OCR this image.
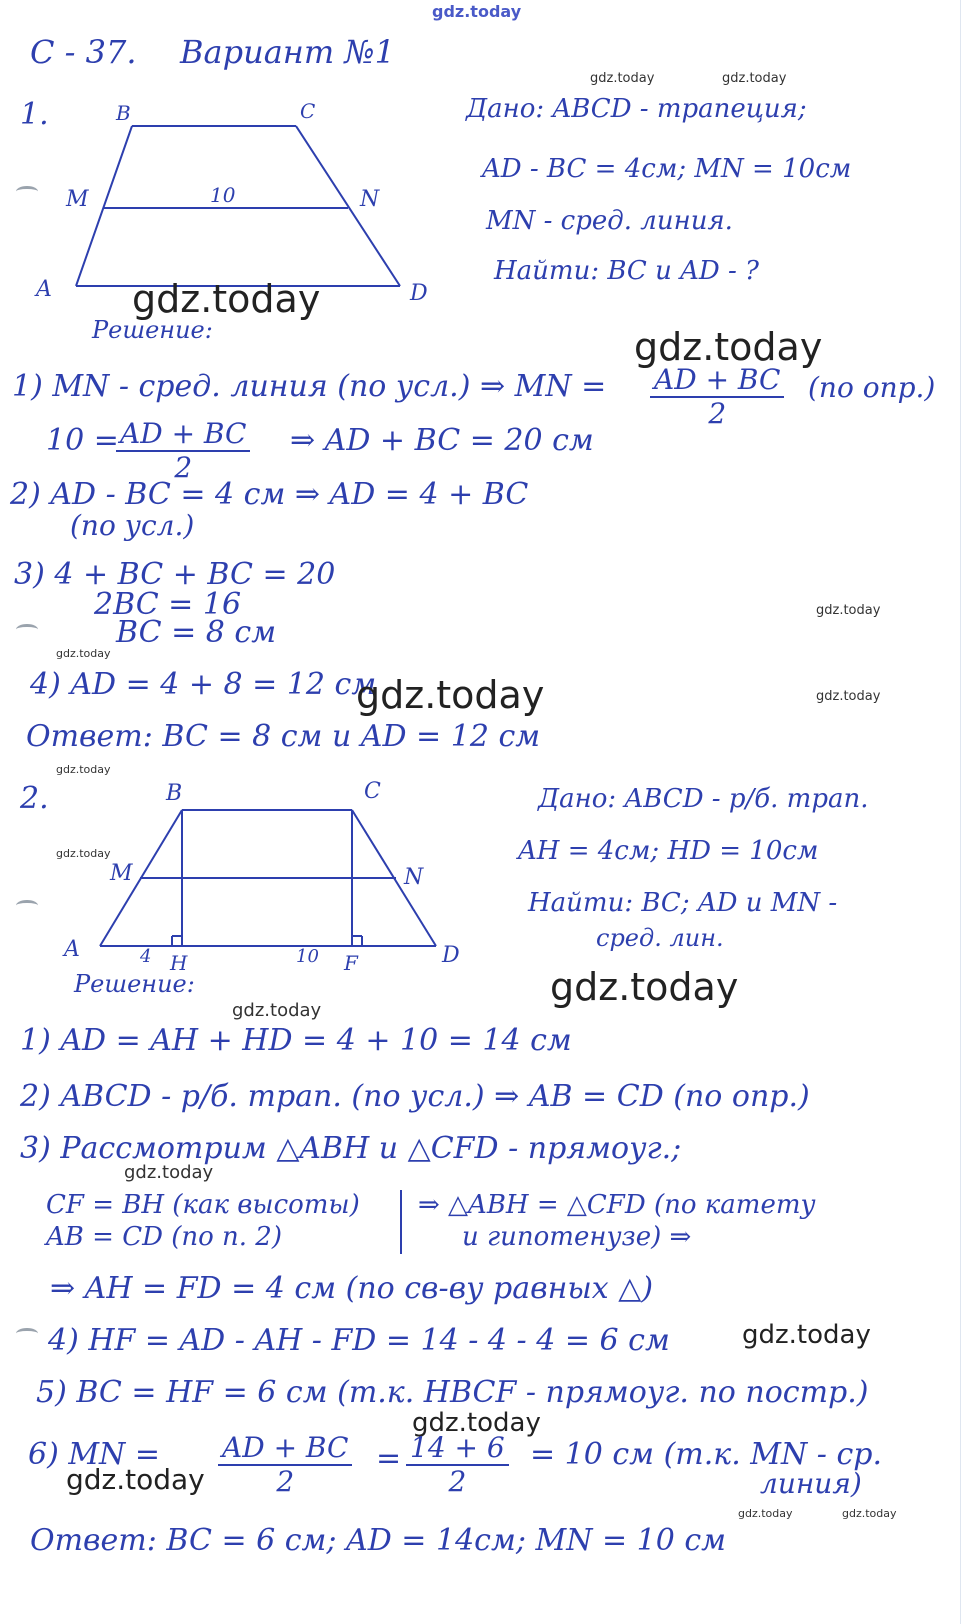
gdz.today
С - 37. Вариант №1
gdz.today	gdz.today
1.	B	C
M	N
A	D
10
Дано: ABCD - трапеция;
AD - BC = 4см; MN = 10см
MN - сред. линия.
Найти: BC и AD - ?
gdz.today
Решение:	gdz.today
1) MN - сред. линия (по усл.) ⇒ MN = $\frac{AD + BC}{2} (по$ опр.)
10 =
$\frac{AD + BC}{2}$ ⇒ AD + BC = 20 см
2) AD - BC = 4 см ⇒ AD = 4 + BC
(по усл.)
3) 4 + BC + BC = 20
2BC = 16
BC = 8 см
gdz.today
gdz.today
4) AD = 4 + 8 = 12 см
gdz.today	gdz.today
Ответ: BC = 8 см и AD = 12 см
gdz.today
2.	B	C
M	N
A	D
H	F
4	10
gdz.today
Дано: ABCD - р/б. трап.
AH = 4см; HD = 10см
Найти: BC; AD и MN -
сред. лин.
Решение:	gdz.today
gdz.today
1) AD = AH + HD = 4 + 10 = 14 см
2) ABCD - р/б. трап. (по усл.) ⇒ AB = CD (по опр.)
3) Рассмотрим △ABH и △CFD - прямоуг.;
gdz.today
CF = BH (как высоты)
AB = CD (по п. 2)
⇒ △ABH = △CFD (по катету
и гипотенузе) ⇒
⇒ AH = FD = 4 см (по св-ву равных △)
4) HF = AD - AH - FD = 14 - 4 - 4 = 6 см	gdz.today
5) BC = HF = 6 см (т.к. HBCF - прямоуг. по постр.)
gdz.today
6) MN = $\frac{AD + BC}{2} = \frac{14 + 6}{2} = 10$ см (т.к. MN - ср.
линия)
gdz.today
gdz.today	gdz.today
Ответ: BC = 6 см; AD = 14см; MN = 10 см
